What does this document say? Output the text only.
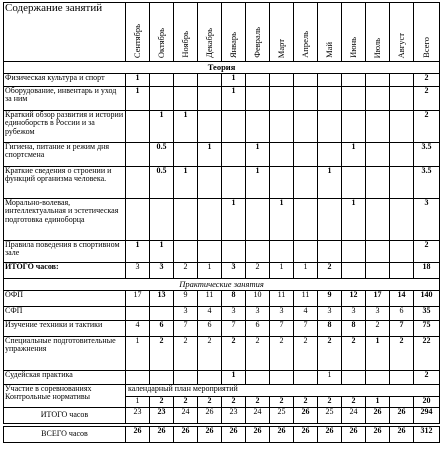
Содержание занятий	Сентябрь	Октябрь	Ноябрь	Декабрь	Январь	Февраль	Март	Апрель	Май	Июнь	Июль	Август	Всего

Теория													
Физическая культура и спорт	1				1								2
Оборудование, инвентарь и уход за ним	1				1								2
Краткий обзор развития и истории единоборств в России и за рубежом		1	1										2
Гигиена, питание и режим дня спортсмена		0.5		1		1				1			3.5
Краткие сведения о строении и функций организма человека.		0.5	1			1			1				3.5
Морально-волевая, интеллектуальная и эстетическая подготовка единоборца					1		1			1			3
Правила поведения в спортивном зале	1	1											2
ИТОГО часов:	3	3	2	1	3	2	1	1	2				18
Практические занятия													
ОФП	17	13	9	11	8	10	11	11	9	12	17	14	140
СФП			3	4	3	3	3	4	3	3	3	6	35
Изучение техники и тактики	4	6	7	6	7	6	7	7	8	8	2	7	75
Специальные подготовительные упражнения	1	2	2	2	2	2	2	2	2	2	1	2	22
Судейская практика					1				1				2

Участие в соревнованиях
Контрольные нормативы	календарный план мероприятий												
	1	2	2	2	2	2	2	2	2	2	1		20
ИТОГО часов	23	23	24	26	23	24	25	26	25	24	26	26	294

ВСЕГО часов	26	26	26	26	26	26	26	26	26	26	26	26	312
